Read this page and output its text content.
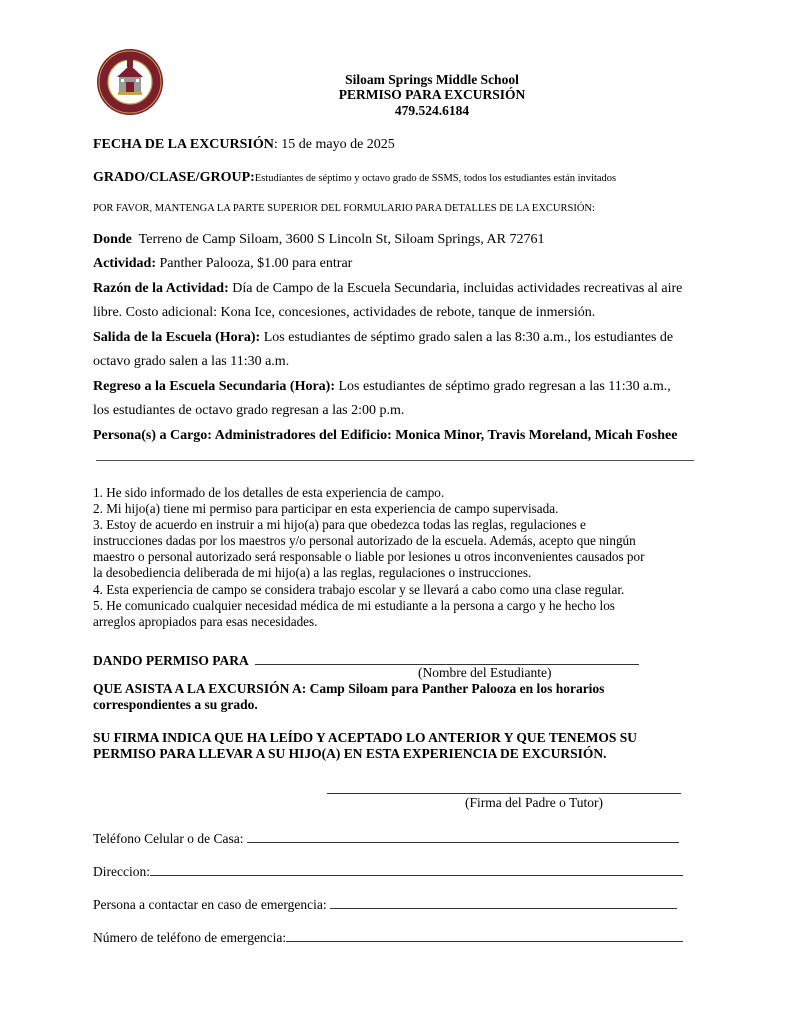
Siloam Springs Middle School
PERMISO PARA EXCURSIÓN
479.524.6184
FECHA DE LA EXCURSIÓN: 15 de mayo de 2025
GRADO/CLASE/GROUP:Estudiantes de séptimo y octavo grado de SSMS, todos los estudiantes están invitados
POR FAVOR, MANTENGA LA PARTE SUPERIOR DEL FORMULARIO PARA DETALLES DE LA EXCURSIÓN:
Donde Terreno de Camp Siloam, 3600 S Lincoln St, Siloam Springs, AR 72761
Actividad: Panther Palooza, $1.00 para entrar
Razón de la Actividad: Día de Campo de la Escuela Secundaria, incluidas actividades recreativas al aire
libre. Costo adicional: Kona Ice, concesiones, actividades de rebote, tanque de inmersión.
Salida de la Escuela (Hora): Los estudiantes de séptimo grado salen a las 8:30 a.m., los estudiantes de
octavo grado salen a las 11:30 a.m.
Regreso a la Escuela Secundaria (Hora): Los estudiantes de séptimo grado regresan a las 11:30 a.m.,
los estudiantes de octavo grado regresan a las 2:00 p.m.
Persona(s) a Cargo: Administradores del Edificio: Monica Minor, Travis Moreland, Micah Foshee
1. He sido informado de los detalles de esta experiencia de campo.
2. Mi hijo(a) tiene mi permiso para participar en esta experiencia de campo supervisada.
3. Estoy de acuerdo en instruir a mi hijo(a) para que obedezca todas las reglas, regulaciones e
instrucciones dadas por los maestros y/o personal autorizado de la escuela. Además, acepto que ningún
maestro o personal autorizado será responsable o liable por lesiones u otros inconvenientes causados por
la desobediencia deliberada de mi hijo(a) a las reglas, regulaciones o instrucciones.
4. Esta experiencia de campo se considera trabajo escolar y se llevará a cabo como una clase regular.
5. He comunicado cualquier necesidad médica de mi estudiante a la persona a cargo y he hecho los
arreglos apropiados para esas necesidades.
DANDO PERMISO PARA
(Nombre del Estudiante)
QUE ASISTA A LA EXCURSIÓN A: Camp Siloam para Panther Palooza en los horarios
correspondientes a su grado.
SU FIRMA INDICA QUE HA LEÍDO Y ACEPTADO LO ANTERIOR Y QUE TENEMOS SU
PERMISO PARA LLEVAR A SU HIJO(A) EN ESTA EXPERIENCIA DE EXCURSIÓN.
(Firma del Padre o Tutor)
Teléfono Celular o de Casa:
Direccion:
Persona a contactar en caso de emergencia:
Número de teléfono de emergencia:
